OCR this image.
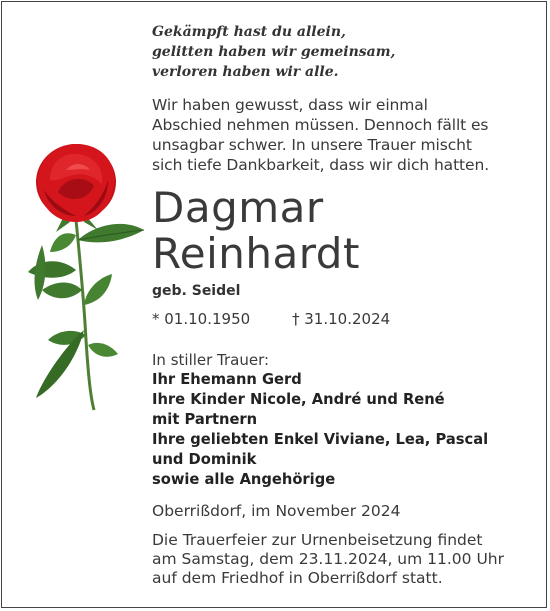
Gekämpft hast du allein,
gelitten haben wir gemeinsam,
verloren haben wir alle.
Wir haben gewusst, dass wir einmal
Abschied nehmen müssen. Dennoch fällt es
unsagbar schwer. In unsere Trauer mischt
sich tiefe Dankbarkeit, dass wir dich hatten.
Dagmar
Reinhardt
geb. Seidel
* 01.10.1950	† 31.10.2024
In stiller Trauer:
Ihr Ehemann Gerd
Ihre Kinder Nicole, André und René
mit Partnern
Ihre geliebten Enkel Viviane, Lea, Pascal
und Dominik
sowie alle Angehörige
Oberrißdorf, im November 2024
Die Trauerfeier zur Urnenbeisetzung findet
am Samstag, dem 23.11.2024, um 11.00 Uhr
auf dem Friedhof in Oberrißdorf statt.
